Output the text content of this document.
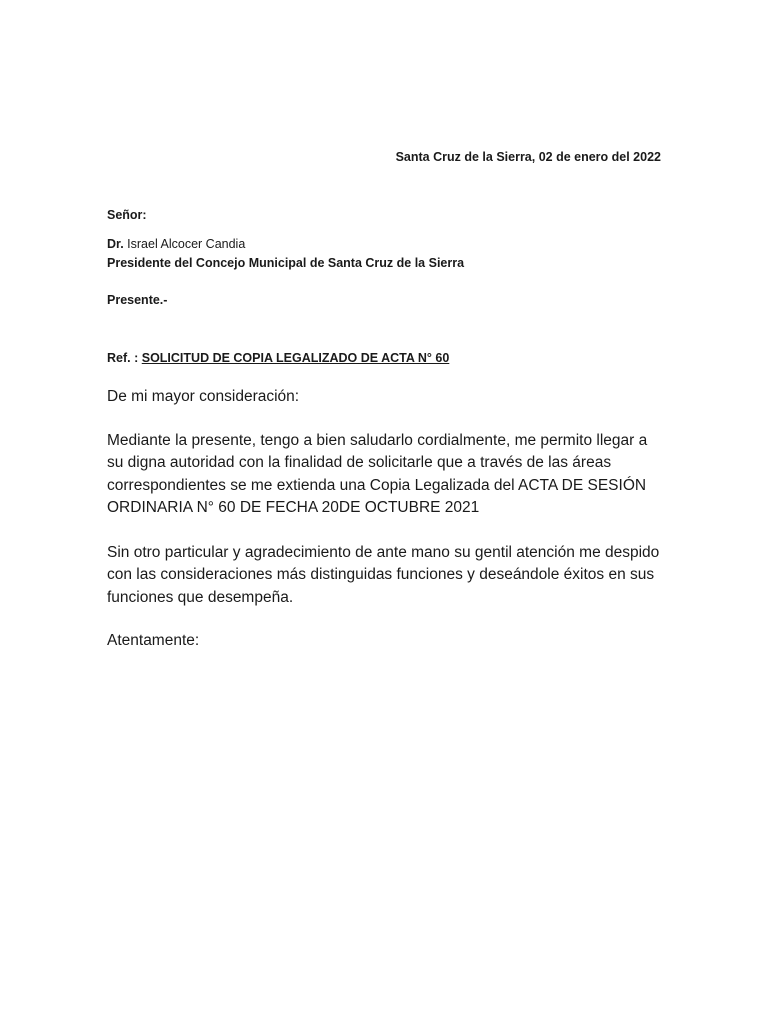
Santa Cruz de la Sierra, 02 de enero del 2022
Señor:
Dr. Israel Alcocer Candia
Presidente del Concejo Municipal de Santa Cruz de la Sierra
Presente.-
Ref. : SOLICITUD DE COPIA LEGALIZADO DE ACTA N° 60
De mi mayor consideración:
Mediante la presente, tengo a bien saludarlo cordialmente, me permito llegar a su digna autoridad con la finalidad de solicitarle que a través de las áreas correspondientes se me extienda una Copia Legalizada del ACTA DE SESIÓN ORDINARIA N° 60 DE FECHA 20DE OCTUBRE 2021
Sin otro particular y agradecimiento de ante mano su gentil atención me despido con las consideraciones más distinguidas funciones y deseándole éxitos en sus funciones que desempeña.
Atentamente:
